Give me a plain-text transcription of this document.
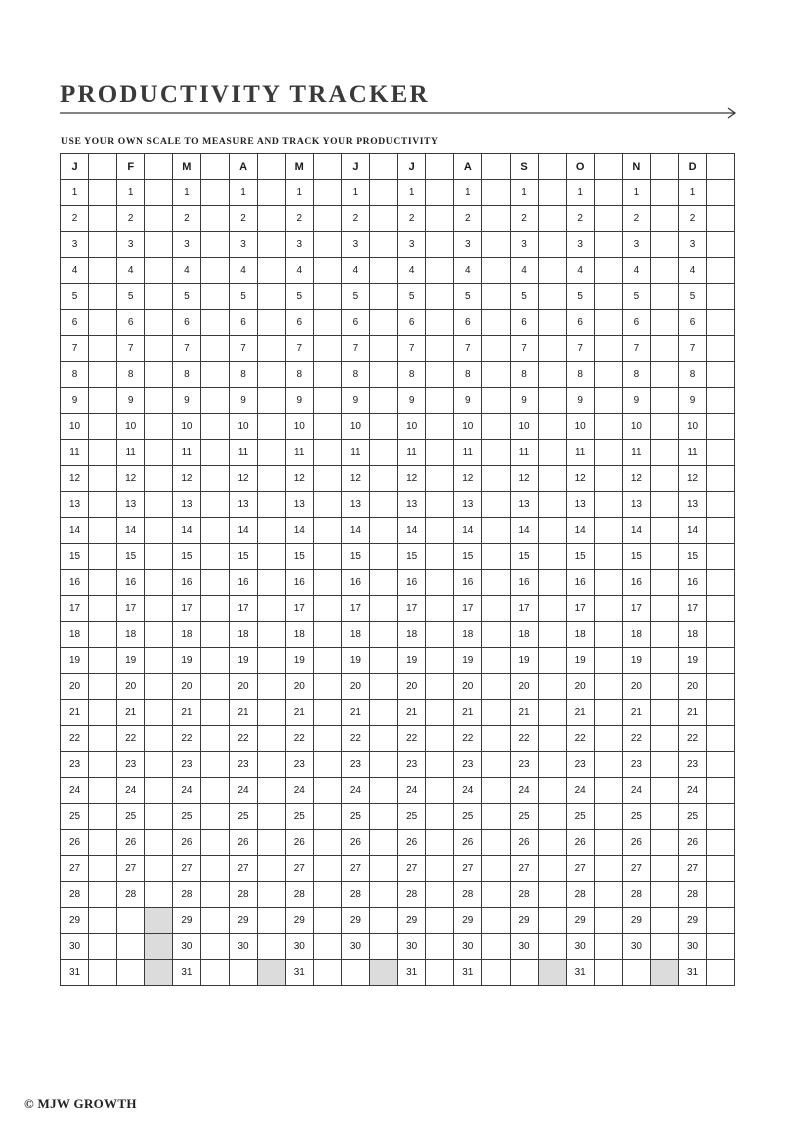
PRODUCTIVITY TRACKER
USE YOUR OWN SCALE TO MEASURE AND TRACK YOUR PRODUCTIVITY
J		F		M		A		M		J		J		A		S		O		N		D	
1		1		1		1		1		1		1		1		1		1		1		1	
2		2		2		2		2		2		2		2		2		2		2		2	
3		3		3		3		3		3		3		3		3		3		3		3	
4		4		4		4		4		4		4		4		4		4		4		4	
5		5		5		5		5		5		5		5		5		5		5		5	
6		6		6		6		6		6		6		6		6		6		6		6	
7		7		7		7		7		7		7		7		7		7		7		7	
8		8		8		8		8		8		8		8		8		8		8		8	
9		9		9		9		9		9		9		9		9		9		9		9	
10		10		10		10		10		10		10		10		10		10		10		10	
11		11		11		11		11		11		11		11		11		11		11		11	
12		12		12		12		12		12		12		12		12		12		12		12	
13		13		13		13		13		13		13		13		13		13		13		13	
14		14		14		14		14		14		14		14		14		14		14		14	
15		15		15		15		15		15		15		15		15		15		15		15	
16		16		16		16		16		16		16		16		16		16		16		16	
17		17		17		17		17		17		17		17		17		17		17		17	
18		18		18		18		18		18		18		18		18		18		18		18	
19		19		19		19		19		19		19		19		19		19		19		19	
20		20		20		20		20		20		20		20		20		20		20		20	
21		21		21		21		21		21		21		21		21		21		21		21	
22		22		22		22		22		22		22		22		22		22		22		22	
23		23		23		23		23		23		23		23		23		23		23		23	
24		24		24		24		24		24		24		24		24		24		24		24	
25		25		25		25		25		25		25		25		25		25		25		25	
26		26		26		26		26		26		26		26		26		26		26		26	
27		27		27		27		27		27		27		27		27		27		27		27	
28		28		28		28		28		28		28		28		28		28		28		28	
29				29		29		29		29		29		29		29		29		29		29	
30				30		30		30		30		30		30		30		30		30		30	
31				31				31				31		31				31				31	
© MJW GROWTH
